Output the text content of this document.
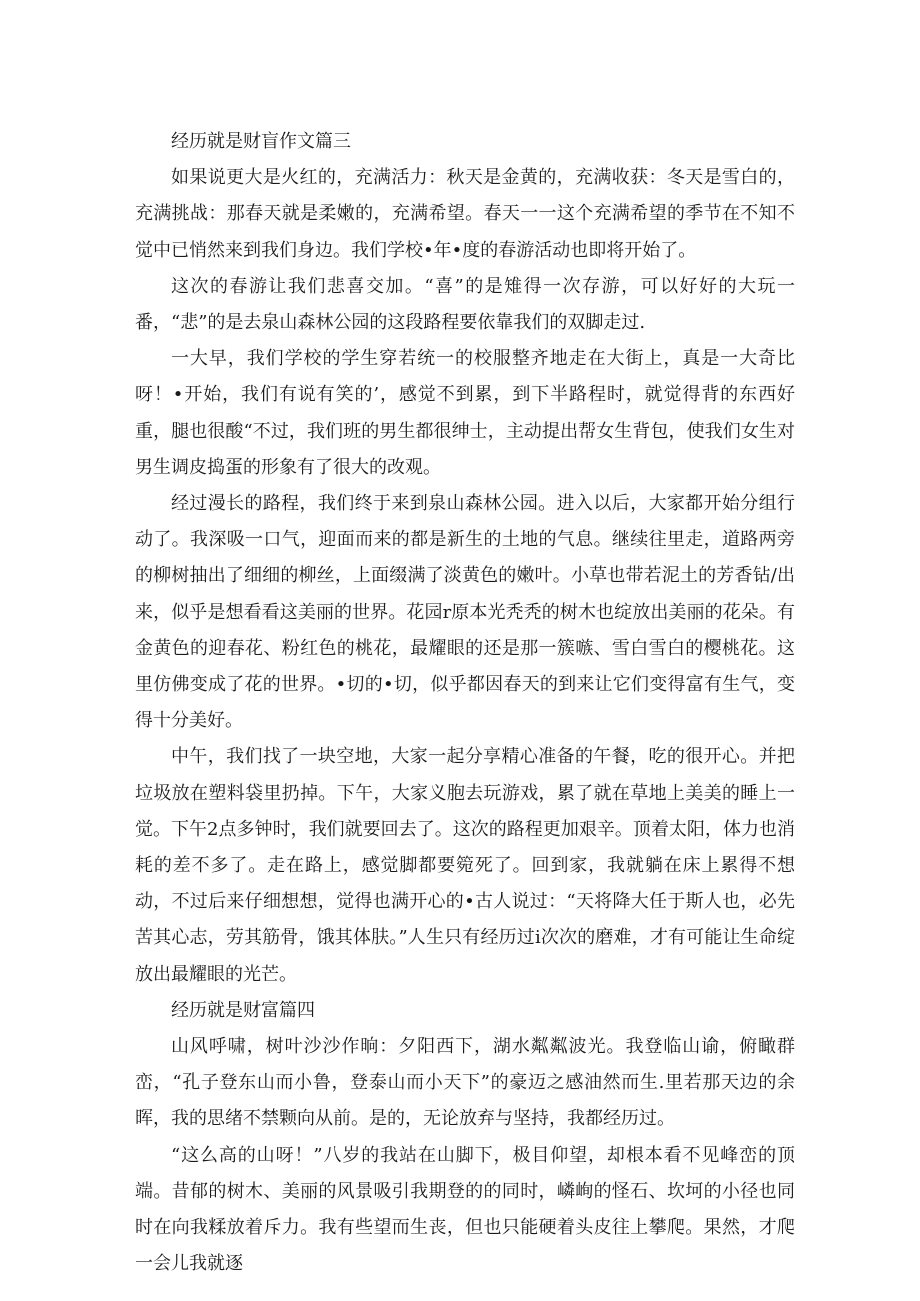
经历就是财盲作文篇三

如果说更大是火红的，充满活力：秋天是金黄的，充满收获：冬天是雪白的，充满挑战：那春天就是柔嫩的，充满希望。春天一一这个充满希望的季节在不知不觉中已悄然来到我们身边。我们学校•年•度的春游活动也即将开始了。

这次的春游让我们悲喜交加。“喜”的是雉得一次存游，可以好好的大玩一番，“悲”的是去泉山森林公园的这段路程要依靠我们的双脚走过.

一大早，我们学校的学生穿若统一的校服整齐地走在大街上，真是一大奇比呀！•开始，我们有说有笑的’，感觉不到累，到下半路程时，就觉得背的东西好重，腿也很酸“不过，我们班的男生都很绅士，主动提出帮女生背包，使我们女生对男生调皮捣蛋的形象有了很大的改观。

经过漫长的路程，我们终于来到泉山森林公园。进入以后，大家都开始分组行动了。我深吸一口气，迎面而来的都是新生的土地的气息。继续往里走，道路两旁的柳树抽出了细细的柳丝，上面缀满了淡黄色的嫩叶。小草也带若泥土的芳香钻/出来，似乎是想看看这美丽的世界。花园r原本光秃秃的树木也绽放出美丽的花朵。有金黄色的迎春花、粉红色的桃花，最耀眼的还是那一簇嗾、雪白雪白的樱桃花。这里仿佛变成了花的世界。•切的•切，似乎都因春天的到来让它们变得富有生气，变得十分美好。

中午，我们找了一块空地，大家一起分享精心准备的午餐，吃的很开心。并把垃圾放在塑料袋里扔掉。下午，大家义胞去玩游戏，累了就在草地上美美的睡上一觉。下午2点多钟时，我们就要回去了。这次的路程更加艰辛。顶着太阳，体力也消耗的差不多了。走在路上，感觉脚都要箢死了。回到家，我就躺在床上累得不想动，不过后来仔细想想，觉得也满开心的•古人说过：“天将降大任于斯人也，必先苦其心志，劳其筋骨，饿其体肤。”人生只有经历过i次次的磨难，才有可能让生命绽放出最耀眼的光芒。

经历就是财富篇四

山风呼啸，树叶沙沙作晌：夕阳西下，湖水粼粼波光。我登临山谕，俯瞰群峦，“孔子登东山而小鲁，登泰山而小天下”的豪迈之感油然而生.里若那天边的余晖，我的思绪不禁颗向从前。是的，无论放弃与坚持，我都经历过。

“这么高的山呀！”八岁的我站在山脚下，极目仰望，却根本看不见峰峦的顶端。昔郁的树木、美丽的风景吸引我期登的的同时，嶙峋的怪石、坎坷的小径也同时在向我糅放着斥力。我有些望而生丧，但也只能硬着头皮往上攀爬。果然，才爬一会儿我就逐
